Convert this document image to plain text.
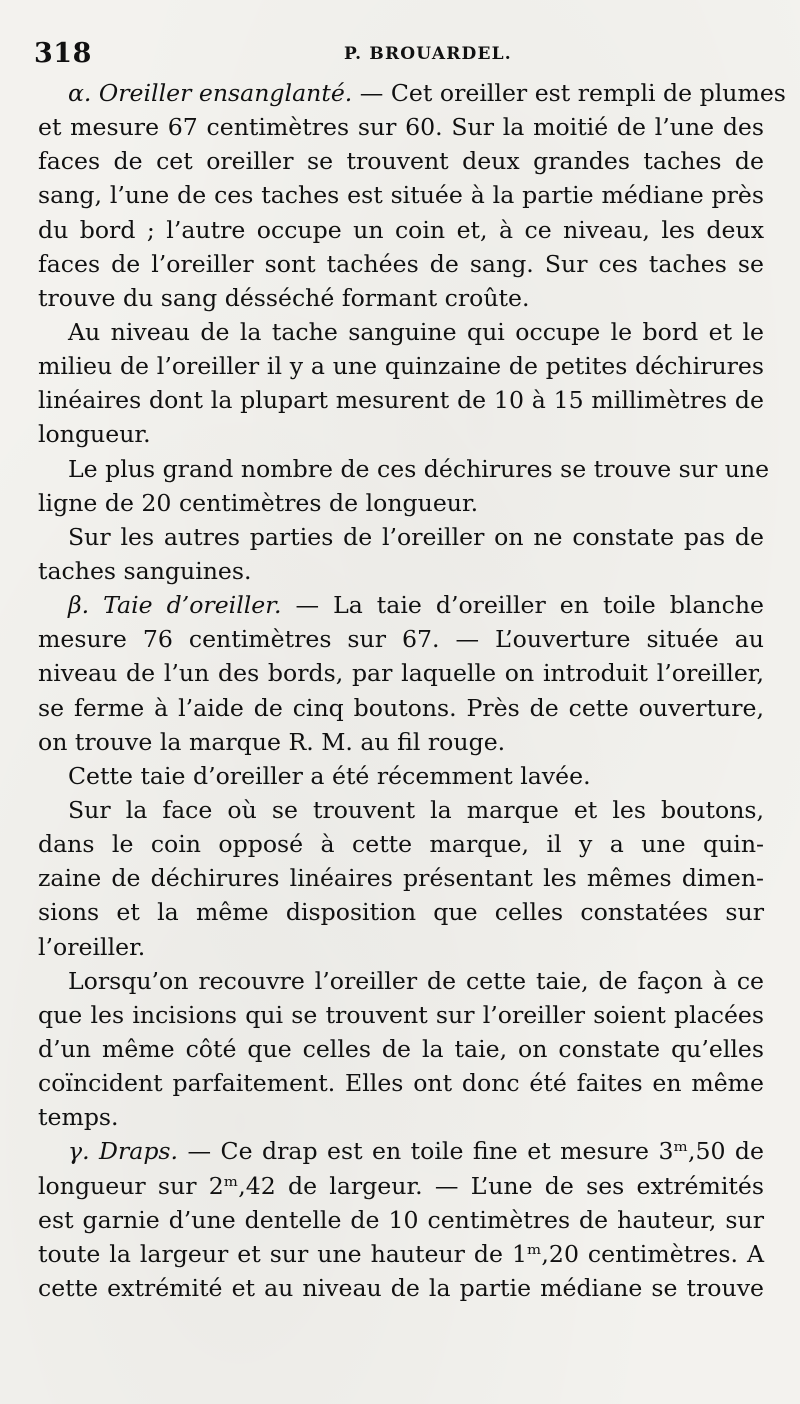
318	P. BROUARDEL.
α. Oreiller ensanglanté. — Cet oreiller est rempli de plumes
et mesure 67 centimètres sur 60. Sur la moitié de l’une des
faces de cet oreiller se trouvent deux grandes taches de
sang, l’une de ces taches est située à la partie médiane près
du bord ; l’autre occupe un coin et, à ce niveau, les deux
faces de l’oreiller sont tachées de sang. Sur ces taches se
trouve du sang désséché formant croûte.
Au niveau de la tache sanguine qui occupe le bord et le
milieu de l’oreiller il y a une quinzaine de petites déchirures
linéaires dont la plupart mesurent de 10 à 15 millimètres de
longueur.
Le plus grand nombre de ces déchirures se trouve sur une
ligne de 20 centimètres de longueur.
Sur les autres parties de l’oreiller on ne constate pas de
taches sanguines.
β. Taie d’oreiller. — La taie d’oreiller en toile blanche
mesure 76 centimètres sur 67. — L’ouverture située au
niveau de l’un des bords, par laquelle on introduit l’oreiller,
se ferme à l’aide de cinq boutons. Près de cette ouverture,
on trouve la marque R. M. au fil rouge.
Cette taie d’oreiller a été récemment lavée.
Sur la face où se trouvent la marque et les boutons,
dans le coin opposé à cette marque, il y a une quin-
zaine de déchirures linéaires présentant les mêmes dimen-
sions et la même disposition que celles constatées sur
l’oreiller.
Lorsqu’on recouvre l’oreiller de cette taie, de façon à ce
que les incisions qui se trouvent sur l’oreiller soient placées
d’un même côté que celles de la taie, on constate qu’elles
coïncident parfaitement. Elles ont donc été faites en même
temps.
γ. Draps. — Ce drap est en toile fine et mesure 3ᵐ,50 de
longueur sur 2ᵐ,42 de largeur. — L’une de ses extrémités
est garnie d’une dentelle de 10 centimètres de hauteur, sur
toute la largeur et sur une hauteur de 1ᵐ,20 centimètres. A
cette extrémité et au niveau de la partie médiane se trouve
